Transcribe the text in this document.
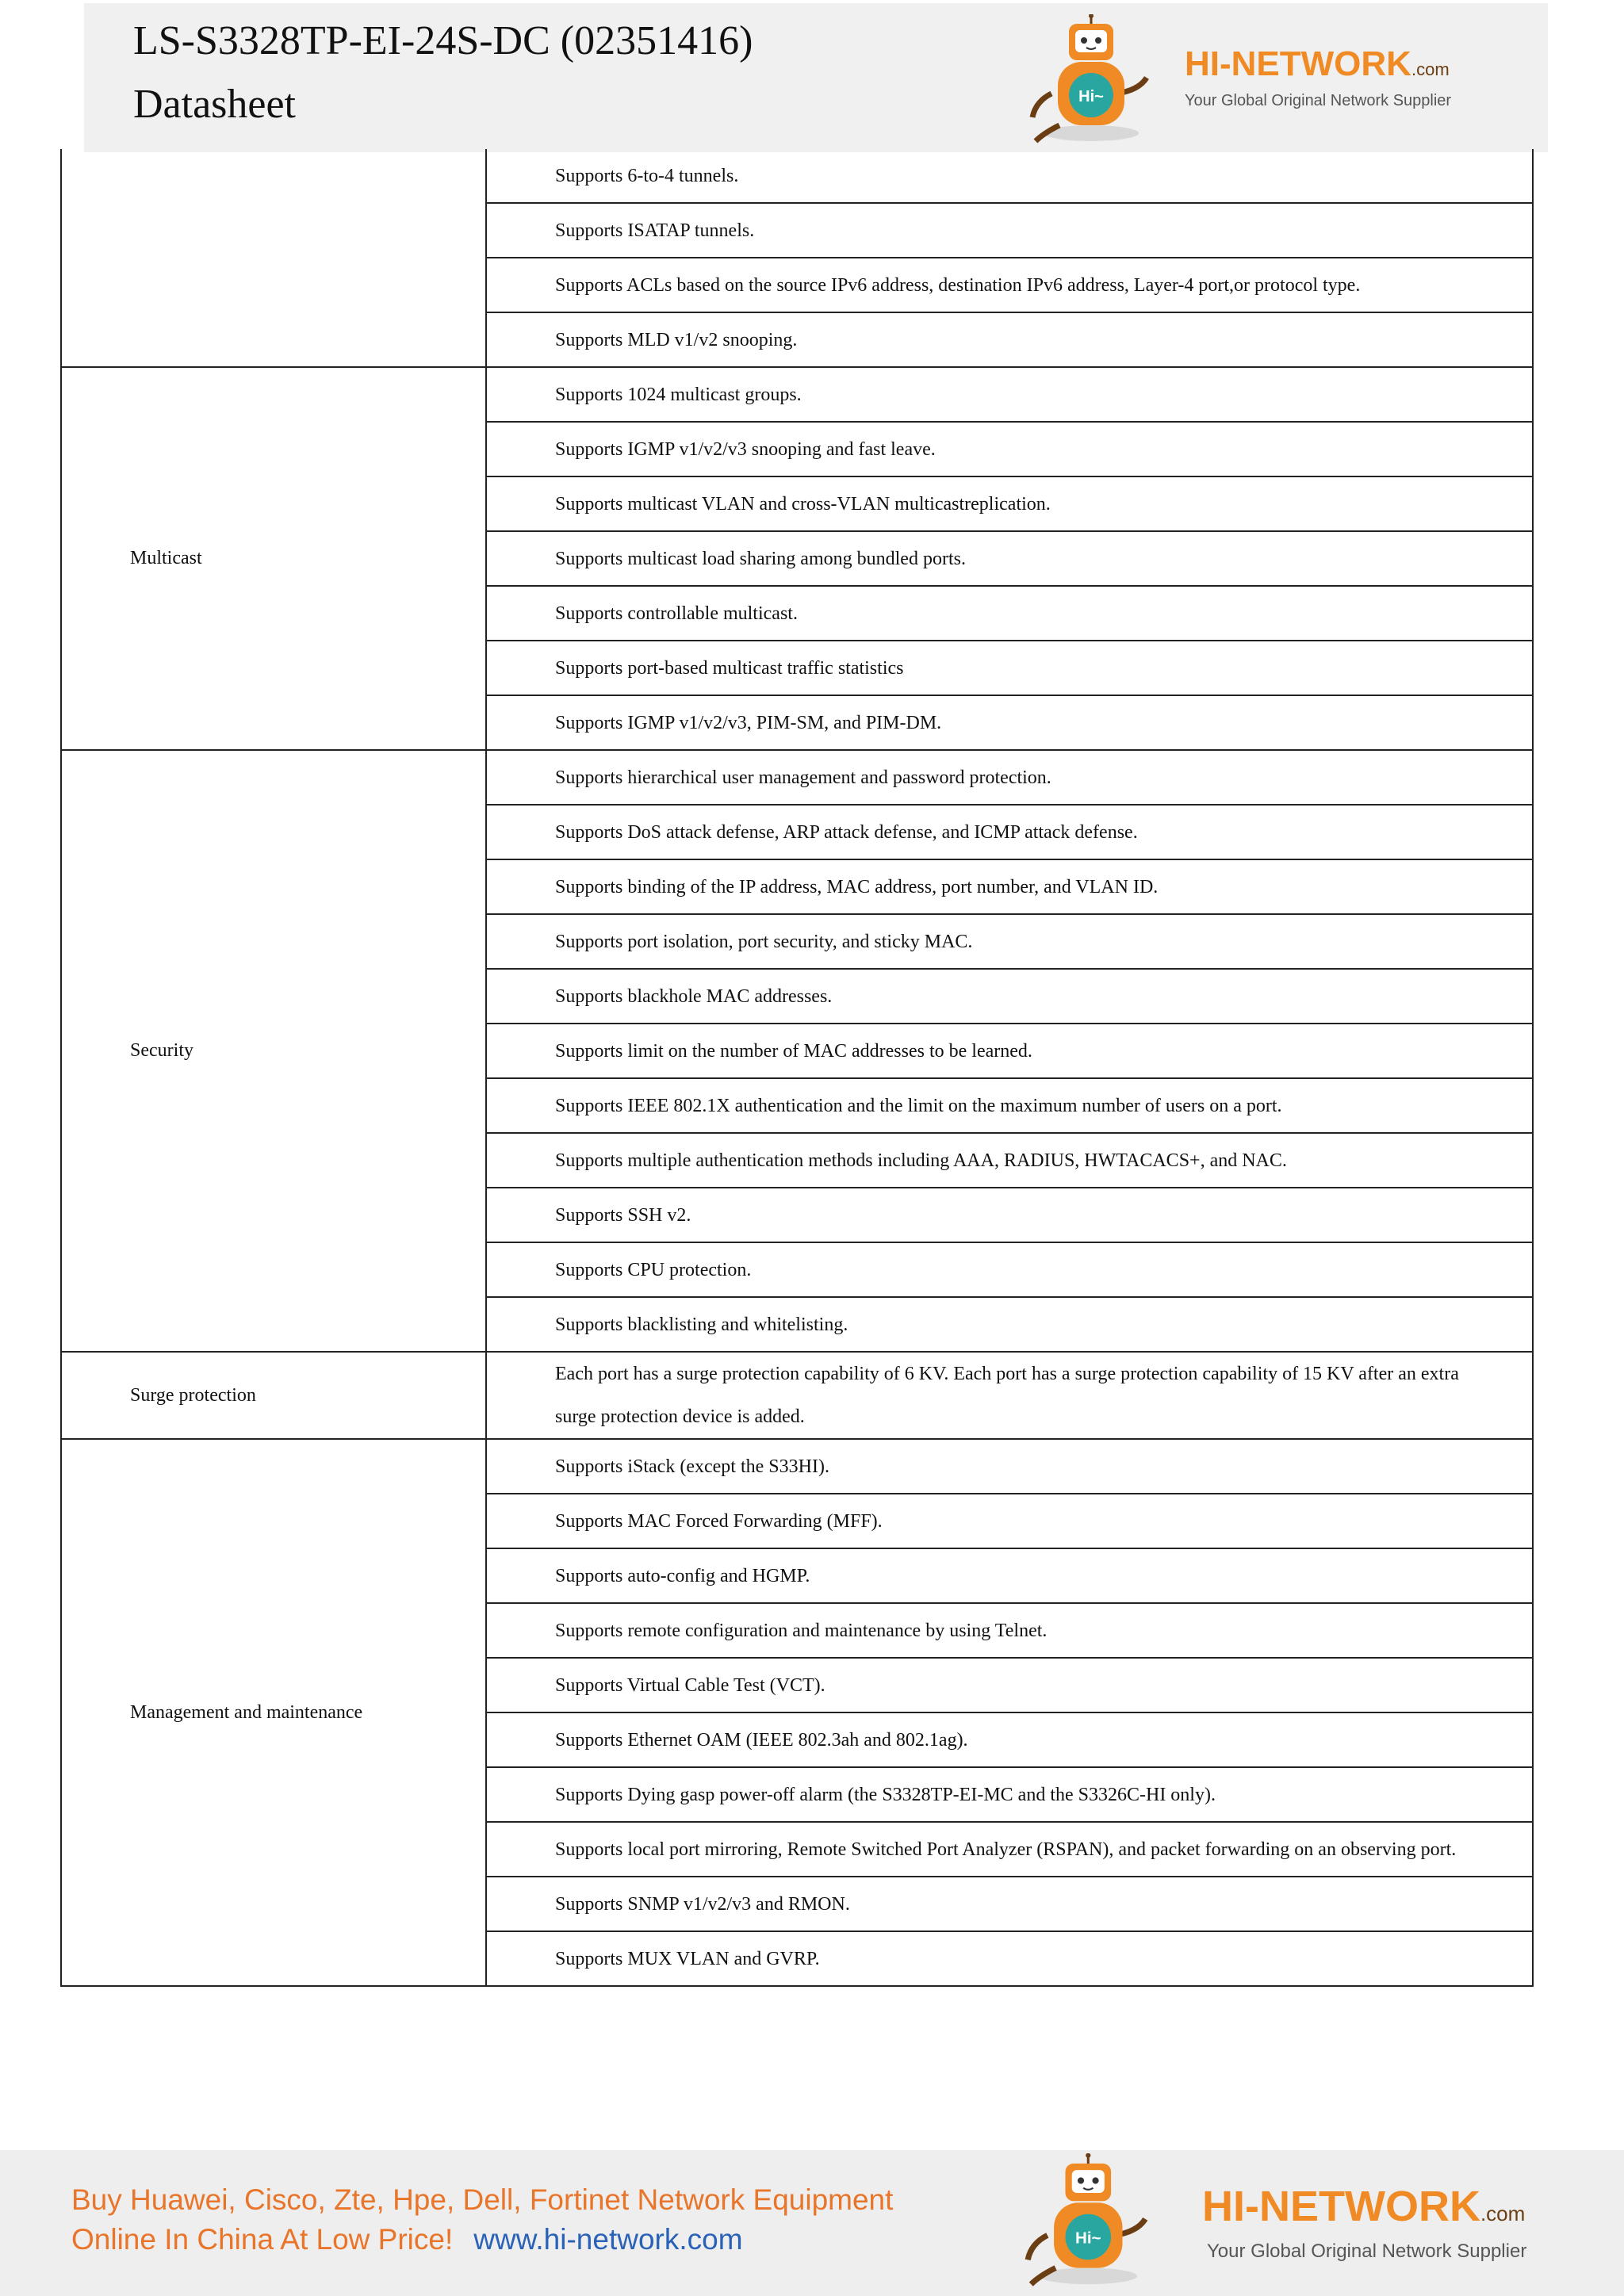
LS-S3328TP-EI-24S-DC (02351416)
Datasheet	Hi~
HI-NETWORK.com
Your Global Original Network Supplier
	Supports 6-to-4 tunnels.
	Supports ISATAP tunnels.
	Supports ACLs based on the source IPv6 address, destination IPv6 address, Layer-4 port,or protocol type.
	Supports MLD v1/v2 snooping.
Multicast	Supports 1024 multicast groups.
	Supports IGMP v1/v2/v3 snooping and fast leave.
	Supports multicast VLAN and cross-VLAN multicastreplication.
	Supports multicast load sharing among bundled ports.
	Supports controllable multicast.
	Supports port-based multicast traffic statistics
	Supports IGMP v1/v2/v3, PIM-SM, and PIM-DM.
Security	Supports hierarchical user management and password protection.
	Supports DoS attack defense, ARP attack defense, and ICMP attack defense.
	Supports binding of the IP address, MAC address, port number, and VLAN ID.
	Supports port isolation, port security, and sticky MAC.
	Supports blackhole MAC addresses.
	Supports limit on the number of MAC addresses to be learned.
	Supports IEEE 802.1X authentication and the limit on the maximum number of users on a port.
	Supports multiple authentication methods including AAA, RADIUS, HWTACACS+, and NAC.
	Supports SSH v2.
	Supports CPU protection.
	Supports blacklisting and whitelisting.
Surge protection	Each port has a surge protection capability of 6 KV. Each port has a surge protection capability of 15 KV after an extra surge protection device is added.
Management and maintenance	Supports iStack (except the S33HI).
	Supports MAC Forced Forwarding (MFF).
	Supports auto-config and HGMP.
	Supports remote configuration and maintenance by using Telnet.
	Supports Virtual Cable Test (VCT).
	Supports Ethernet OAM (IEEE 802.3ah and 802.1ag).
	Supports Dying gasp power-off alarm (the S3328TP-EI-MC and the S3326C-HI only).
	Supports local port mirroring, Remote Switched Port Analyzer (RSPAN), and packet forwarding on an observing port.
	Supports SNMP v1/v2/v3 and RMON.
	Supports MUX VLAN and GVRP.
Buy Huawei, Cisco, Zte, Hpe, Dell, Fortinet Network Equipment
Online In China At Low Price! www.hi-network.com	Hi~
HI-NETWORK.com
Your Global Original Network Supplier
